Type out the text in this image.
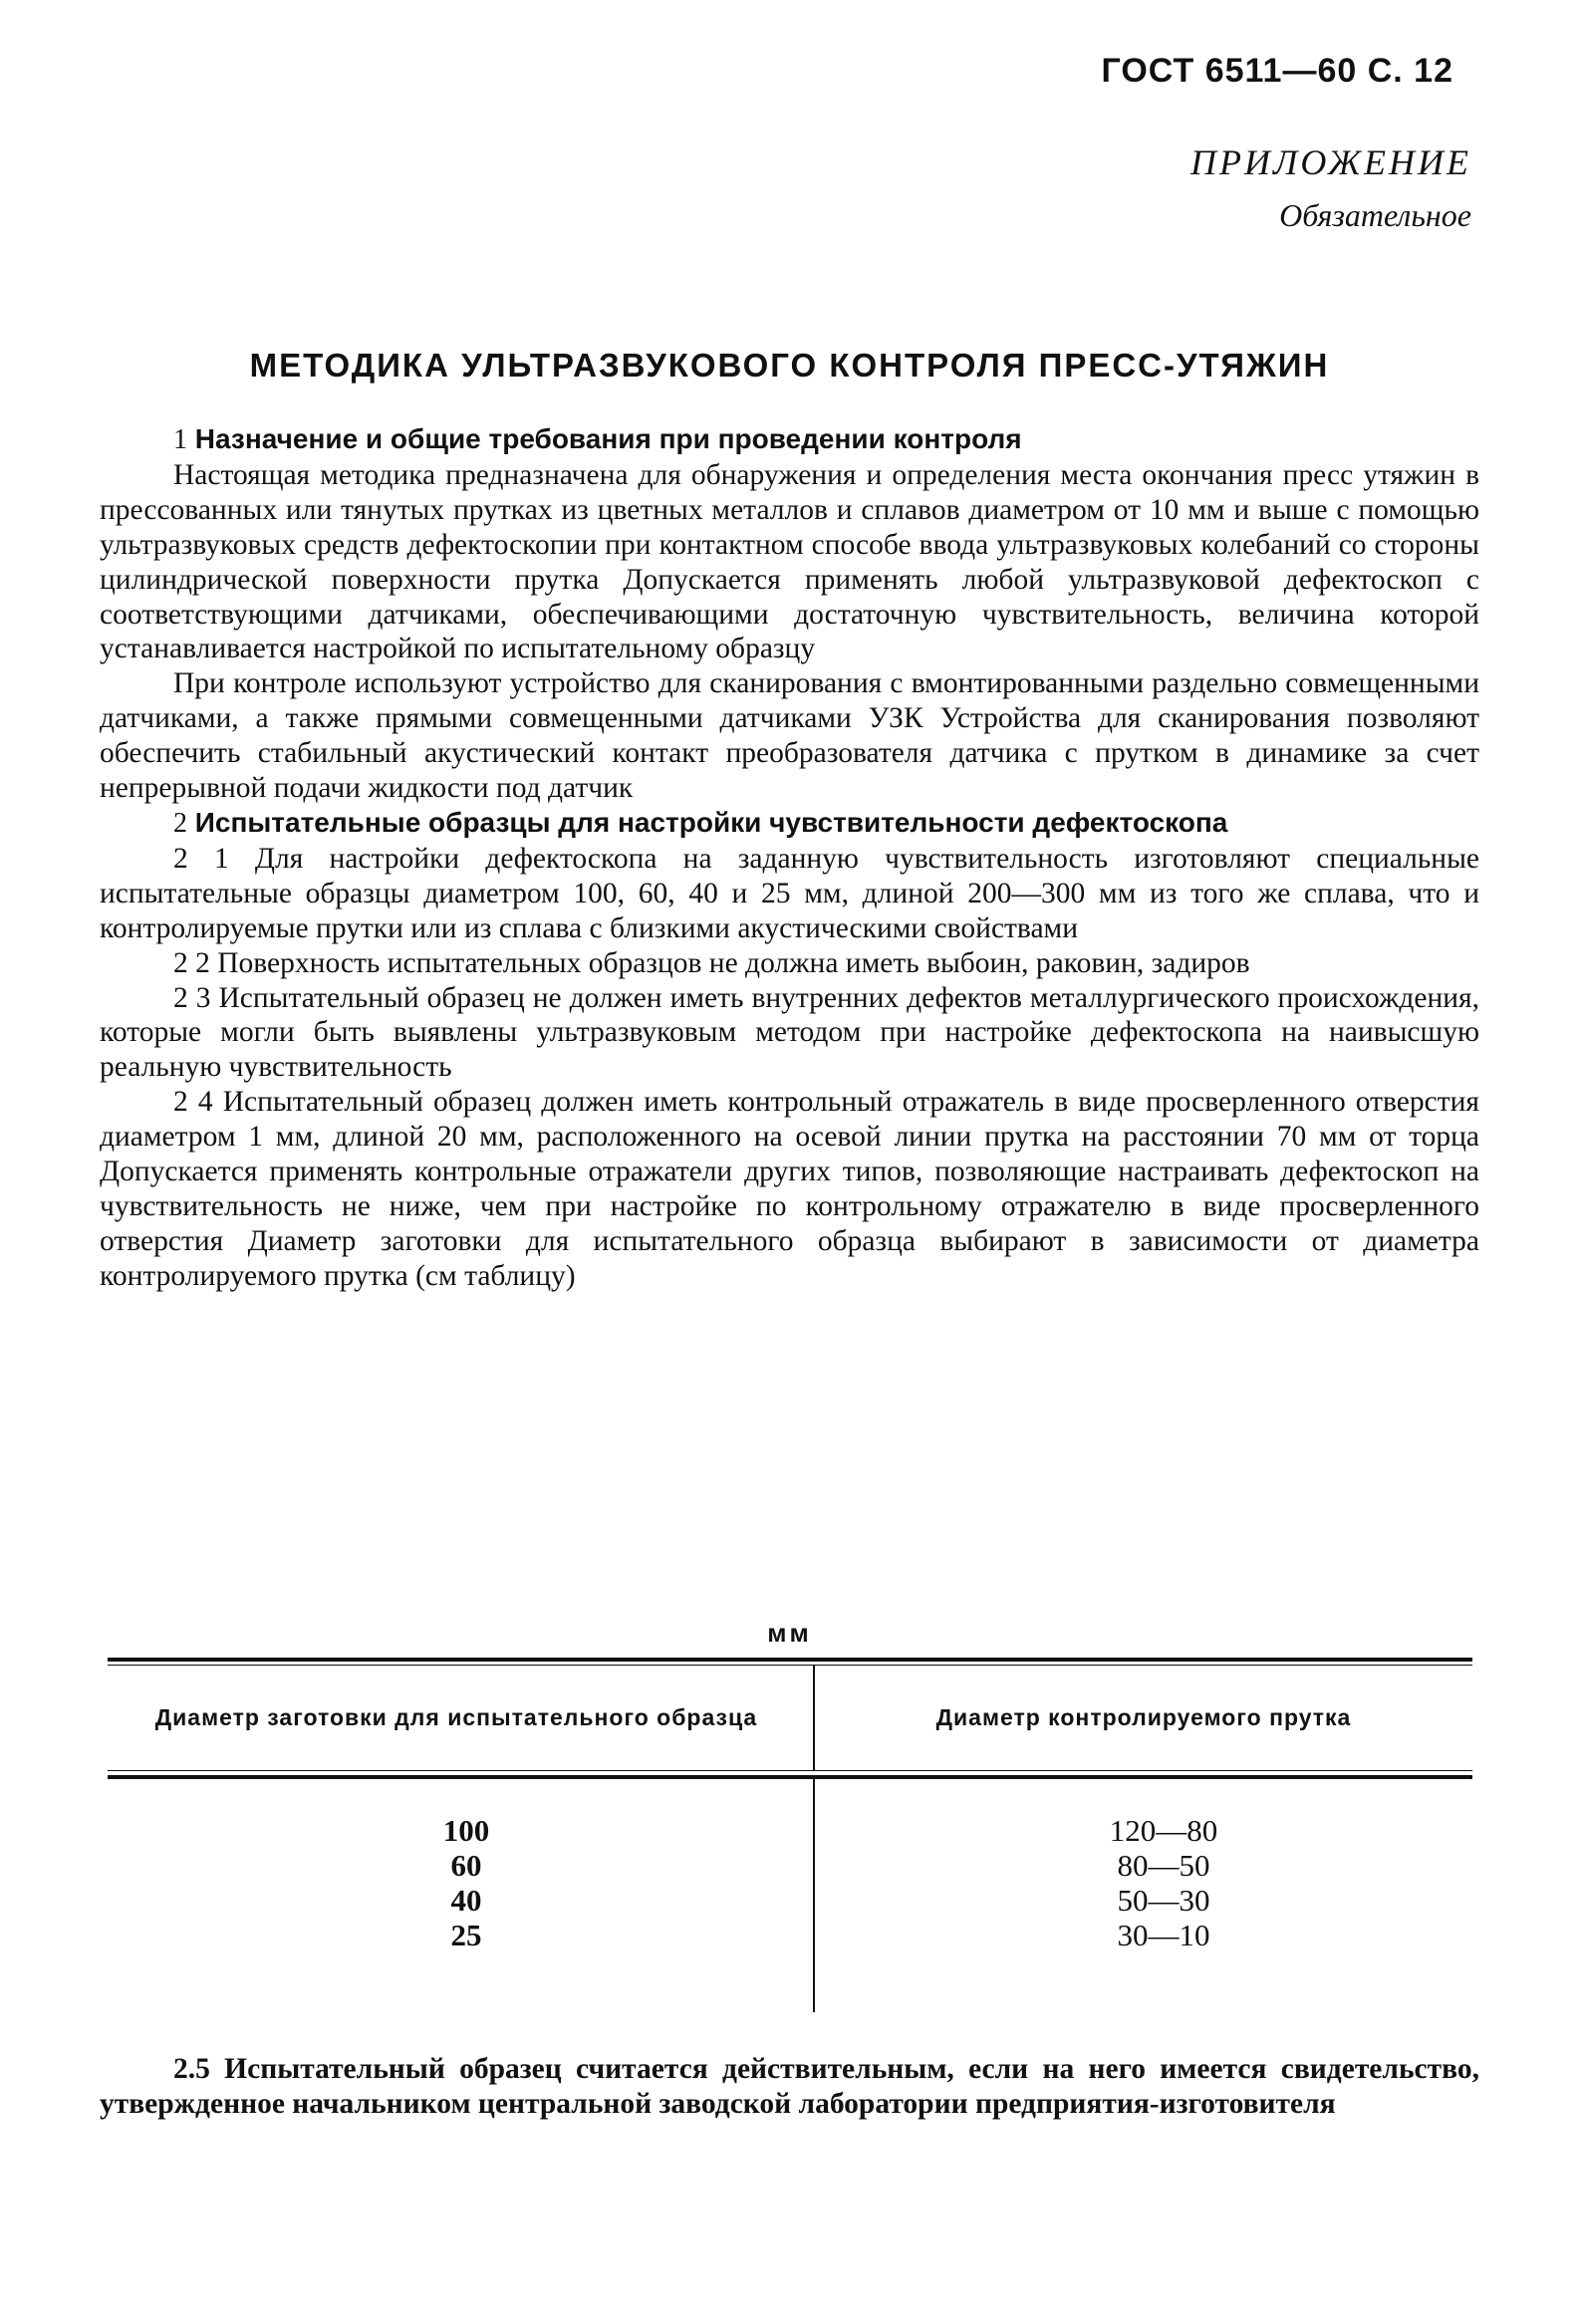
ГОСТ 6511—60 С. 12

ПРИЛОЖЕНИЕ

Обязательное

МЕТОДИКА УЛЬТРАЗВУКОВОГО КОНТРОЛЯ ПРЕСС-УТЯЖИН

1 Назначение и общие требования при проведении контроля

Настоящая методика предназначена для обнаружения и определения места окончания пресс утяжин в прессованных или тянутых прутках из цветных металлов и сплавов диаметром от 10 мм и выше с помощью ультразвуковых средств дефектоскопии при контактном способе ввода ультразвуковых колебаний со стороны цилиндрической поверхности прутка Допускается применять любой ультразвуковой дефектоскоп с соответствующими датчиками, обеспечивающими достаточную чувствительность, величина которой устанавливается настройкой по испытательному образцу

При контроле используют устройство для сканирования с вмонтированными раздельно совмещенными датчиками, а также прямыми совмещенными датчиками УЗК Устройства для сканирования позволяют обеспечить стабильный акустический контакт преобразователя датчика с прутком в динамике за счет непрерывной подачи жидкости под датчик

2 Испытательные образцы для настройки чувствительности дефектоскопа

2 1 Для настройки дефектоскопа на заданную чувствительность изготовляют специальные испытательные образцы диаметром 100, 60, 40 и 25 мм, длиной 200—300 мм из того же сплава, что и контролируемые прутки или из сплава с близкими акустическими свойствами

2 2 Поверхность испытательных образцов не должна иметь выбоин, раковин, задиров

2 3 Испытательный образец не должен иметь внутренних дефектов металлургического происхождения, которые могли быть выявлены ультразвуковым методом при настройке дефектоскопа на наивысшую реальную чувствительность

2 4 Испытательный образец должен иметь контрольный отражатель в виде просверленного отверстия диаметром 1 мм, длиной 20 мм, расположенного на осевой линии прутка на расстоянии 70 мм от торца Допускается применять контрольные отражатели других типов, позволяющие настраивать дефектоскоп на чувствительность не ниже, чем при настройке по контрольному отражателю в виде просверленного отверстия Диаметр заготовки для испытательного образца выбирают в зависимости от диаметра контролируемого прутка (см таблицу)

мм
Диаметр заготовки для испытательного образца	Диаметр контролируемого прутка
100
60
40
25
120—80
80—50
50—30
30—10

2.5 Испытательный образец считается действительным, если на него имеется свидетельство, утвержденное начальником центральной заводской лаборатории предприятия-изготовителя
